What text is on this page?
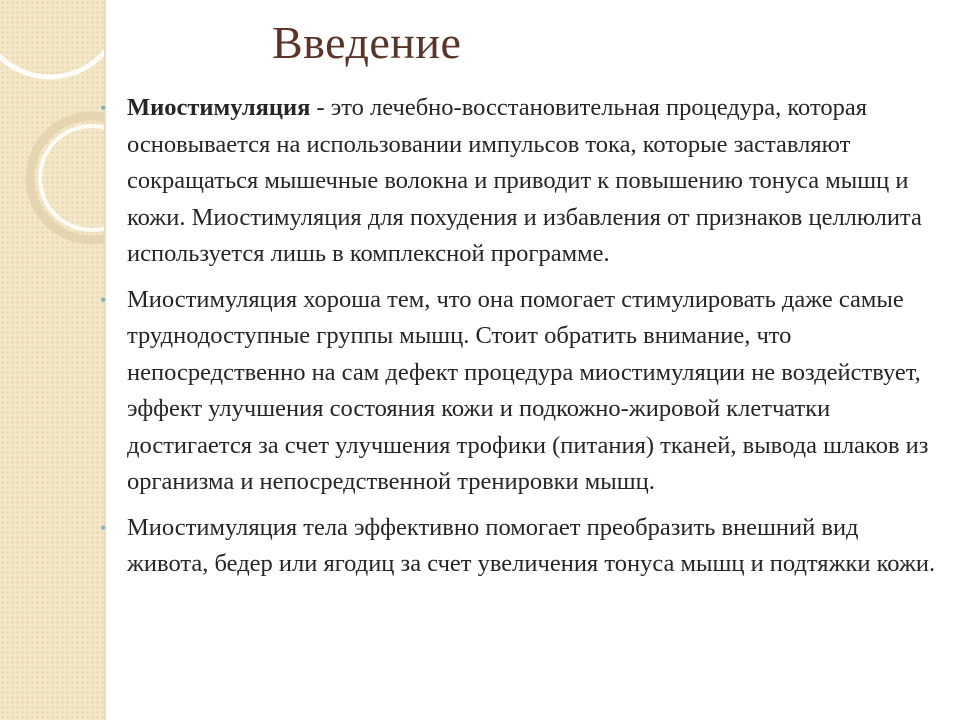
Введение
• Миостимуляция - это лечебно-восстановительная процедура, которая основывается на использовании импульсов тока, которые заставляют сокращаться мышечные волокна и приводит к повышению тонуса мышц и кожи. Миостимуляция для похудения и избавления от признаков целлюлита используется лишь в комплексной программе.
• Миостимуляция хороша тем, что она помогает стимулировать даже самые труднодоступные группы мышц. Стоит обратить внимание, что непосредственно на сам дефект процедура миостимуляции не воздействует, эффект улучшения состояния кожи и подкожно-жировой клетчатки достигается за счет улучшения трофики (питания) тканей, вывода шлаков из организма и непосредственной тренировки мышц.
• Миостимуляция тела эффективно помогает преобразить внешний вид живота, бедер или ягодиц за счет увеличения тонуса мышц и подтяжки кожи.
